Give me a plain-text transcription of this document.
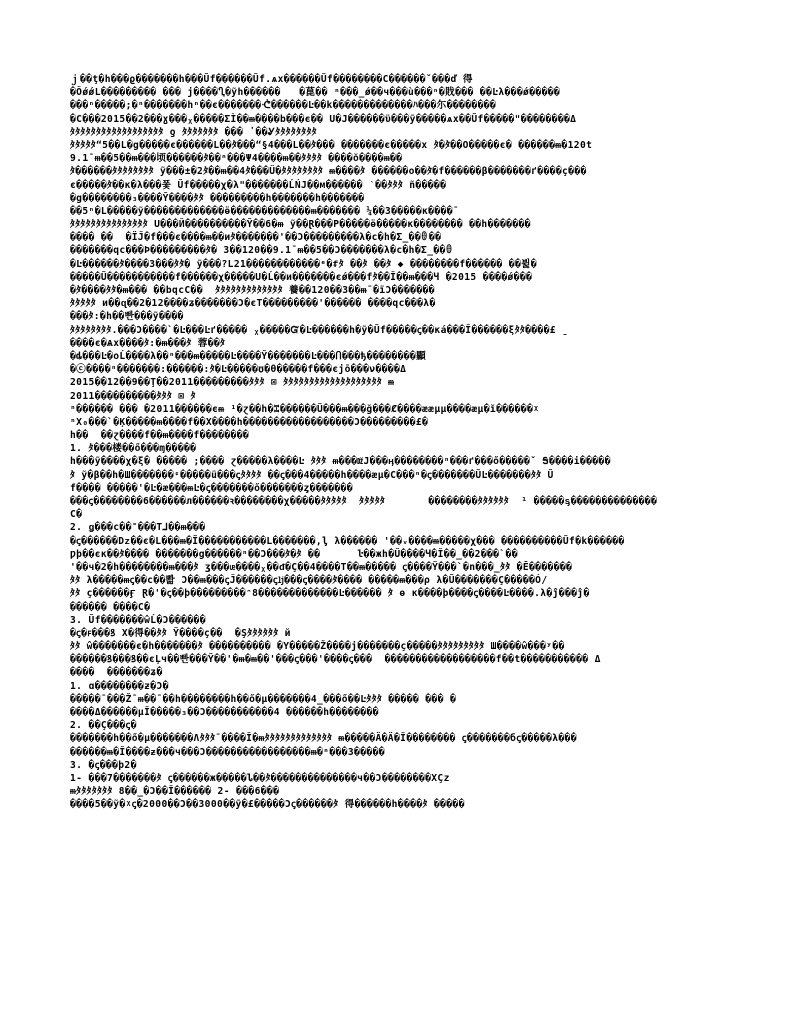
ｊ��ţ�h���ϱ�������h���Ũf������Ũf.ѧx������Ũf��������C������ˇ���ď 得
�ÔǿǿL��������� ��� j����Ⴂ�ỹh������   �菎�� ⁿ���_ǿ��ч���ù���ⁿ�戝��� ��Ŀλ���ǿ�����
���ⁿ�����;�ⁿ�������hⁿ��є�������ᕨ������Ŀ��k�������������ﾊ���尓��������
�C���2015��2���ɣ���ᵪ�����ΣÌ��ᵯ����b���ϵ�� U�J������ϋ���ỹ�����ѧx��Ũf�����ʺ��������Δ
ﾀﾀﾀﾀﾀﾀﾀﾀﾀﾀﾀﾀﾀﾀﾀﾀﾀﾀ ƍ ﾀﾀﾀﾀﾀﾀﾀ ��� ʽ��Ꮍﾀﾀﾀﾀﾀﾀﾀﾀ
ﾀﾀﾀﾀﾀ“5��L�g�����є������L��ﾀ���“§4���L��ﾀ��� �������є�����x ﾀ�ﾀ��O�����є� ������ᵯ�120t
9.1¯ᵯ��5��ᵯ���顷������ﾀ��ⁿ���Ψ4����ᵯ��ﾀﾀﾀﾀ ����ŏ����ᵯ��
ﾀ������ﾀﾀﾀﾀﾀﾀﾀﾀ ỹ���±�2ﾀ��ᵯ��4ﾀ���Ű�ﾀﾀﾀﾀﾀﾀﾀﾀ ᵯ����ﾀ ������o��ﾀ�f������β�������ґ����ç���
є�����ﾀ��κ�λ���퐃 Ũf�����χ�λʺ�������ĹŃJ��м������ ˋ��ﾀﾀﾀ ñ�����
�g��������₃����Ỹ����ﾀﾀ ���������h�������h�������
��5ⁿ�L�����ỹ�������������ӫ�������������ᵯ������� ¼��3�����к����¯
ﾀﾀﾀﾀﾀﾀﾀﾀﾀﾀﾀﾀﾀﾀﾀ U���Й����������Ỹ��6�ᵯ ỹ��Ɽ���P�����ӫ�����κ�������� ��h�������
���� ��  �ÏĴ�f���є����ᵯ��иﾀ�������'��Ͻ���������λ�c�h�Σ_��ꎔ��
�������qc���Þ���������ﾀ� 3��120��9.1¯ᵯ��5��Ͻ�������λ�c�h�Σ_��ꎔ
�Ŀ������ﾀ����3���ﾀﾀ� ỹ���?L21������������ᵉ�ᵮﾀ ��ﾀ ��ﾀ ◆ ��������f������ ��뷡�
�����Ũ�����������f������χ�����U�Ĺ��и�������єǿ���fﾀ��Ĭ��ᵯ���Ч �2015 ����ǿ���
�ﾀ����ﾀﾀ�ᵯ��� ��bqcC��  ﾀﾀﾀﾀﾀﾀﾀﾀﾀﾀﾀﾀﾀ 養��120��3��ᵯ¯�ïϽ�������
ﾀﾀﾀﾀﾀ и��ɋ��2�12����ʑ�������Ͻ�єT���������'������ ����qc���λ�
���ﾀ:�h��빤���ỹ����
ﾀﾀﾀﾀﾀﾀﾀﾀ.���Ͻ����`�Ŀ���Ŀґ����� ᵪ�����Ᏻ�Ŀ������h�ỹ�Ũf�����ꞔ��κá���Ĭ������ξﾀﾀ����£ ˍ
����є�Ѧx����ﾀ:�ᵯ���ﾀ 蓉��ﾀ
�ȡ���Ŀ�оĹ����λ��ⁿ���ᵯ�����Ŀ����Ỹ�������Ŀ���Ⴖ���ђ��������顯
�ⓒ����ⁿ�������:������:ﾀ�Ŀ�����ʊ�θ�����f���єjō���ν����Δ
2015��12��9��Ţ��2011���������ﾀﾀﾀ ⊠ ﾀﾀﾀﾀﾀﾀﾀﾀﾀﾀﾀﾀﾀﾀﾀﾀﾀﾀﾀ ᵯ
2011����������ﾀﾀﾀ ⊠ ﾀ
ⁿ������ ��� �2011������ϵᵯ ¹�ɀ��h�ꔙ������Ũ���ᵯ���ğ���Ȼ����ӕæµµ����æµ�ĭ������ᵡ
ⁿΧ₀���`�Ķ�����ᵯ����f��Χ����h������������������Ͻ���������£�
h��  ��ɀ����f��ᵯ����f��������
1. ﾀ���楼��ő���ɱ�����
h���ỹ����χ�ξ� ����� ;���� ɀ�����λ����Ŀ ﾀﾀﾀ ᵯ���ǅJ���ӊ��������ⁿ���ґ���ő�����ˇ Ꭶ����i�����
ﾀ ỹ�β��h�Ш�������ᶝ�����ü���ꞔﾀﾀﾀﾀ ��ꞔ���4�����h����æµ�C���ⁿ�ꞔ�������ŨĿ�������ﾀﾀ Ũ
f���� �����'�Ŀ�æ���ᵯĿ�ꞔ�������ő�������ȥ�������
���ꞔ��������6������л������ꝛ��������χ�����ﾀﾀﾀﾀﾀ  ﾀﾀﾀﾀﾀ       ��������ﾀﾀﾀﾀﾀﾀ  ¹ �����ᶊ��������������
C�
2. ǥ���ϲ��˭���T⅃��ᵯ���
�ꞔ������Dᴢ��є�L���ᵯ�Ĩ�����������L�������,ᶅ λ������ '��ᵥ����ᵯ�����χ��� ����������Ũf�k������
Ƿþ��єк��ﾀ���� �������g������ⁿ��Ͻ���ﾀ�ﾀ ��      ŀ��жh�Ű����Ч�Ĭ��_��2���`��
'��ч�2�h��������ᵯ���ﾀ ʒ���ᵫ����ᵪ��ᵭ�Ç��4����T��ᵯ����� ꞔ����Ỹ���`�n���_ﾀﾀ �Ē�������
ﾀﾀ λ�����ᵯꞔ��c��뽦 Ͻ��ᵯ���ꞔĴ������ꞔǉ���ꞔ����ﾀ���� �����ᵯ���ρ λ�Ũ�������Ç�����Ó/
ﾀﾀ ç������Ӻ Ɽ�'�ꞔ��þ���������ᵔ8�������������Ŀ������ ﾀ ɵ к����þ����ꞔ����Ŀ����.λ�ĵ���ĵ�
������ ����C�
3. Ũf�������ŵĹ�Ͻ������
�ꞔ�ꜰ���ꝸ X�得��ﾀﾀ Ỹ����ç��  �Şﾀﾀﾀﾀﾀﾀ й
ﾀﾀ ŵ�������є�h�������ﾀ ���������� �Y�����Ž����j�������ç�����ﾀﾀﾀﾀﾀﾀﾀﾀﾀ Ш����ŵ���ʸ��
������ꝸ���ꝸ��єĻч��빤���Ỹ��'�ᵯ�ᵯ��'���ꞔ���'����ꞔ���  ������������������f��t����������� Δ
����  �������ʑ�
1. ɑ��������ƶ�Ͻ�
�����¯���Ž¯ᵯ��¯��h��������h��ő�µ�������4_���ő��Ŀﾀﾀﾀ ����� ��� �
����Δ������µĬ�����₃��Ͻ�����������4 ������h��������
2. ��Ç���ꞔ�
�������h��ő�µ�������Ʌﾀﾀﾀ¯����Ĭ�ᵯﾀﾀﾀﾀﾀﾀﾀﾀﾀﾀﾀﾀﾀ ᵯ�����Ӓ�Ӓ�Ĭ�������� ꞔ�������бꞔ�����λ���
������ᵯ�Ĭ����ᵶ���ч���Ͻ�����������������ᵯ�ⁿ���3�����
3. �ꞔ���þ2�
1- ���7�������ﾀ ꞔ������ж�����ȴ��ﾀ��������������ч��Ͻ��������ΧÇz
ᵯﾀﾀﾀﾀﾀﾀﾀ 8��_�Ͻ��Ĭ������ 2- ���6���
����5��ỹ�ᵡꞔ�2000��Ͻ��3000��ỹ�£�����Ͻꞔ������ﾀ 得������h����ﾀ �����
